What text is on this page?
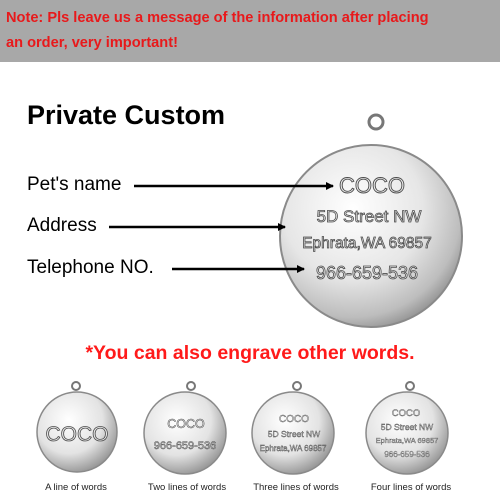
Note: Pls leave us a message of the information after placing
an order, very important!
Private Custom
Pet's name
Address
Telephone NO.
COCO
5D Street NW
Ephrata,WA 69857
966-659-536
COCO	COCO
966-659-536
COCO
5D Street NW
Ephrata,WA 69857
COCO
5D Street NW
Ephrata,WA 69857
966-659-536
*You can also engrave other words.
A line of words	Two lines of words	Three lines of words	Four lines of words
